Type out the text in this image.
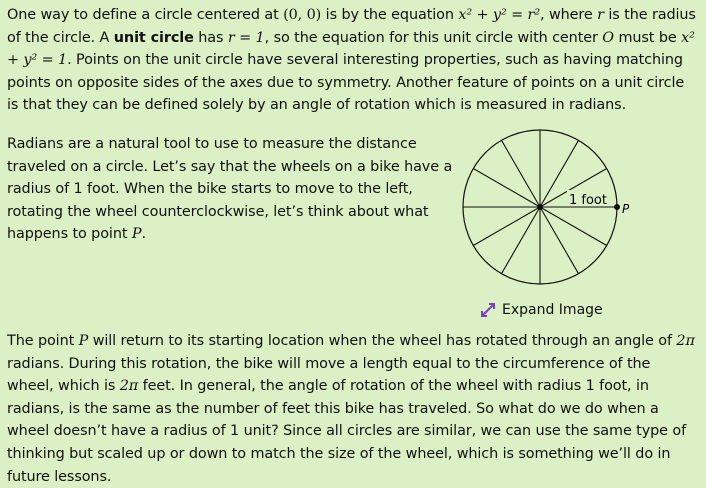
One way to define a circle centered at (0, 0) is by the equation x² + y² = r², where r is the radius of the circle. A unit circle has r = 1, so the equation for this unit circle with center O must be x² + y² = 1. Points on the unit circle have several interesting properties, such as having matching points on opposite sides of the axes due to symmetry. Another feature of points on a unit circle is that they can be defined solely by an angle of rotation which is measured in radians.

Radians are a natural tool to use to measure the distance traveled on a circle. Let’s say that the wheels on a bike have a radius of 1 foot. When the bike starts to move to the left, rotating the wheel counterclockwise, let’s think about what happens to point P.

1 foot
P
Expand Image

The point P will return to its starting location when the wheel has rotated through an angle of 2π radians. During this rotation, the bike will move a length equal to the circumference of the wheel, which is 2π feet. In general, the angle of rotation of the wheel with radius 1 foot, in radians, is the same as the number of feet this bike has traveled. So what do we do when a wheel doesn’t have a radius of 1 unit? Since all circles are similar, we can use the same type of thinking but scaled up or down to match the size of the wheel, which is something we’ll do in future lessons.
